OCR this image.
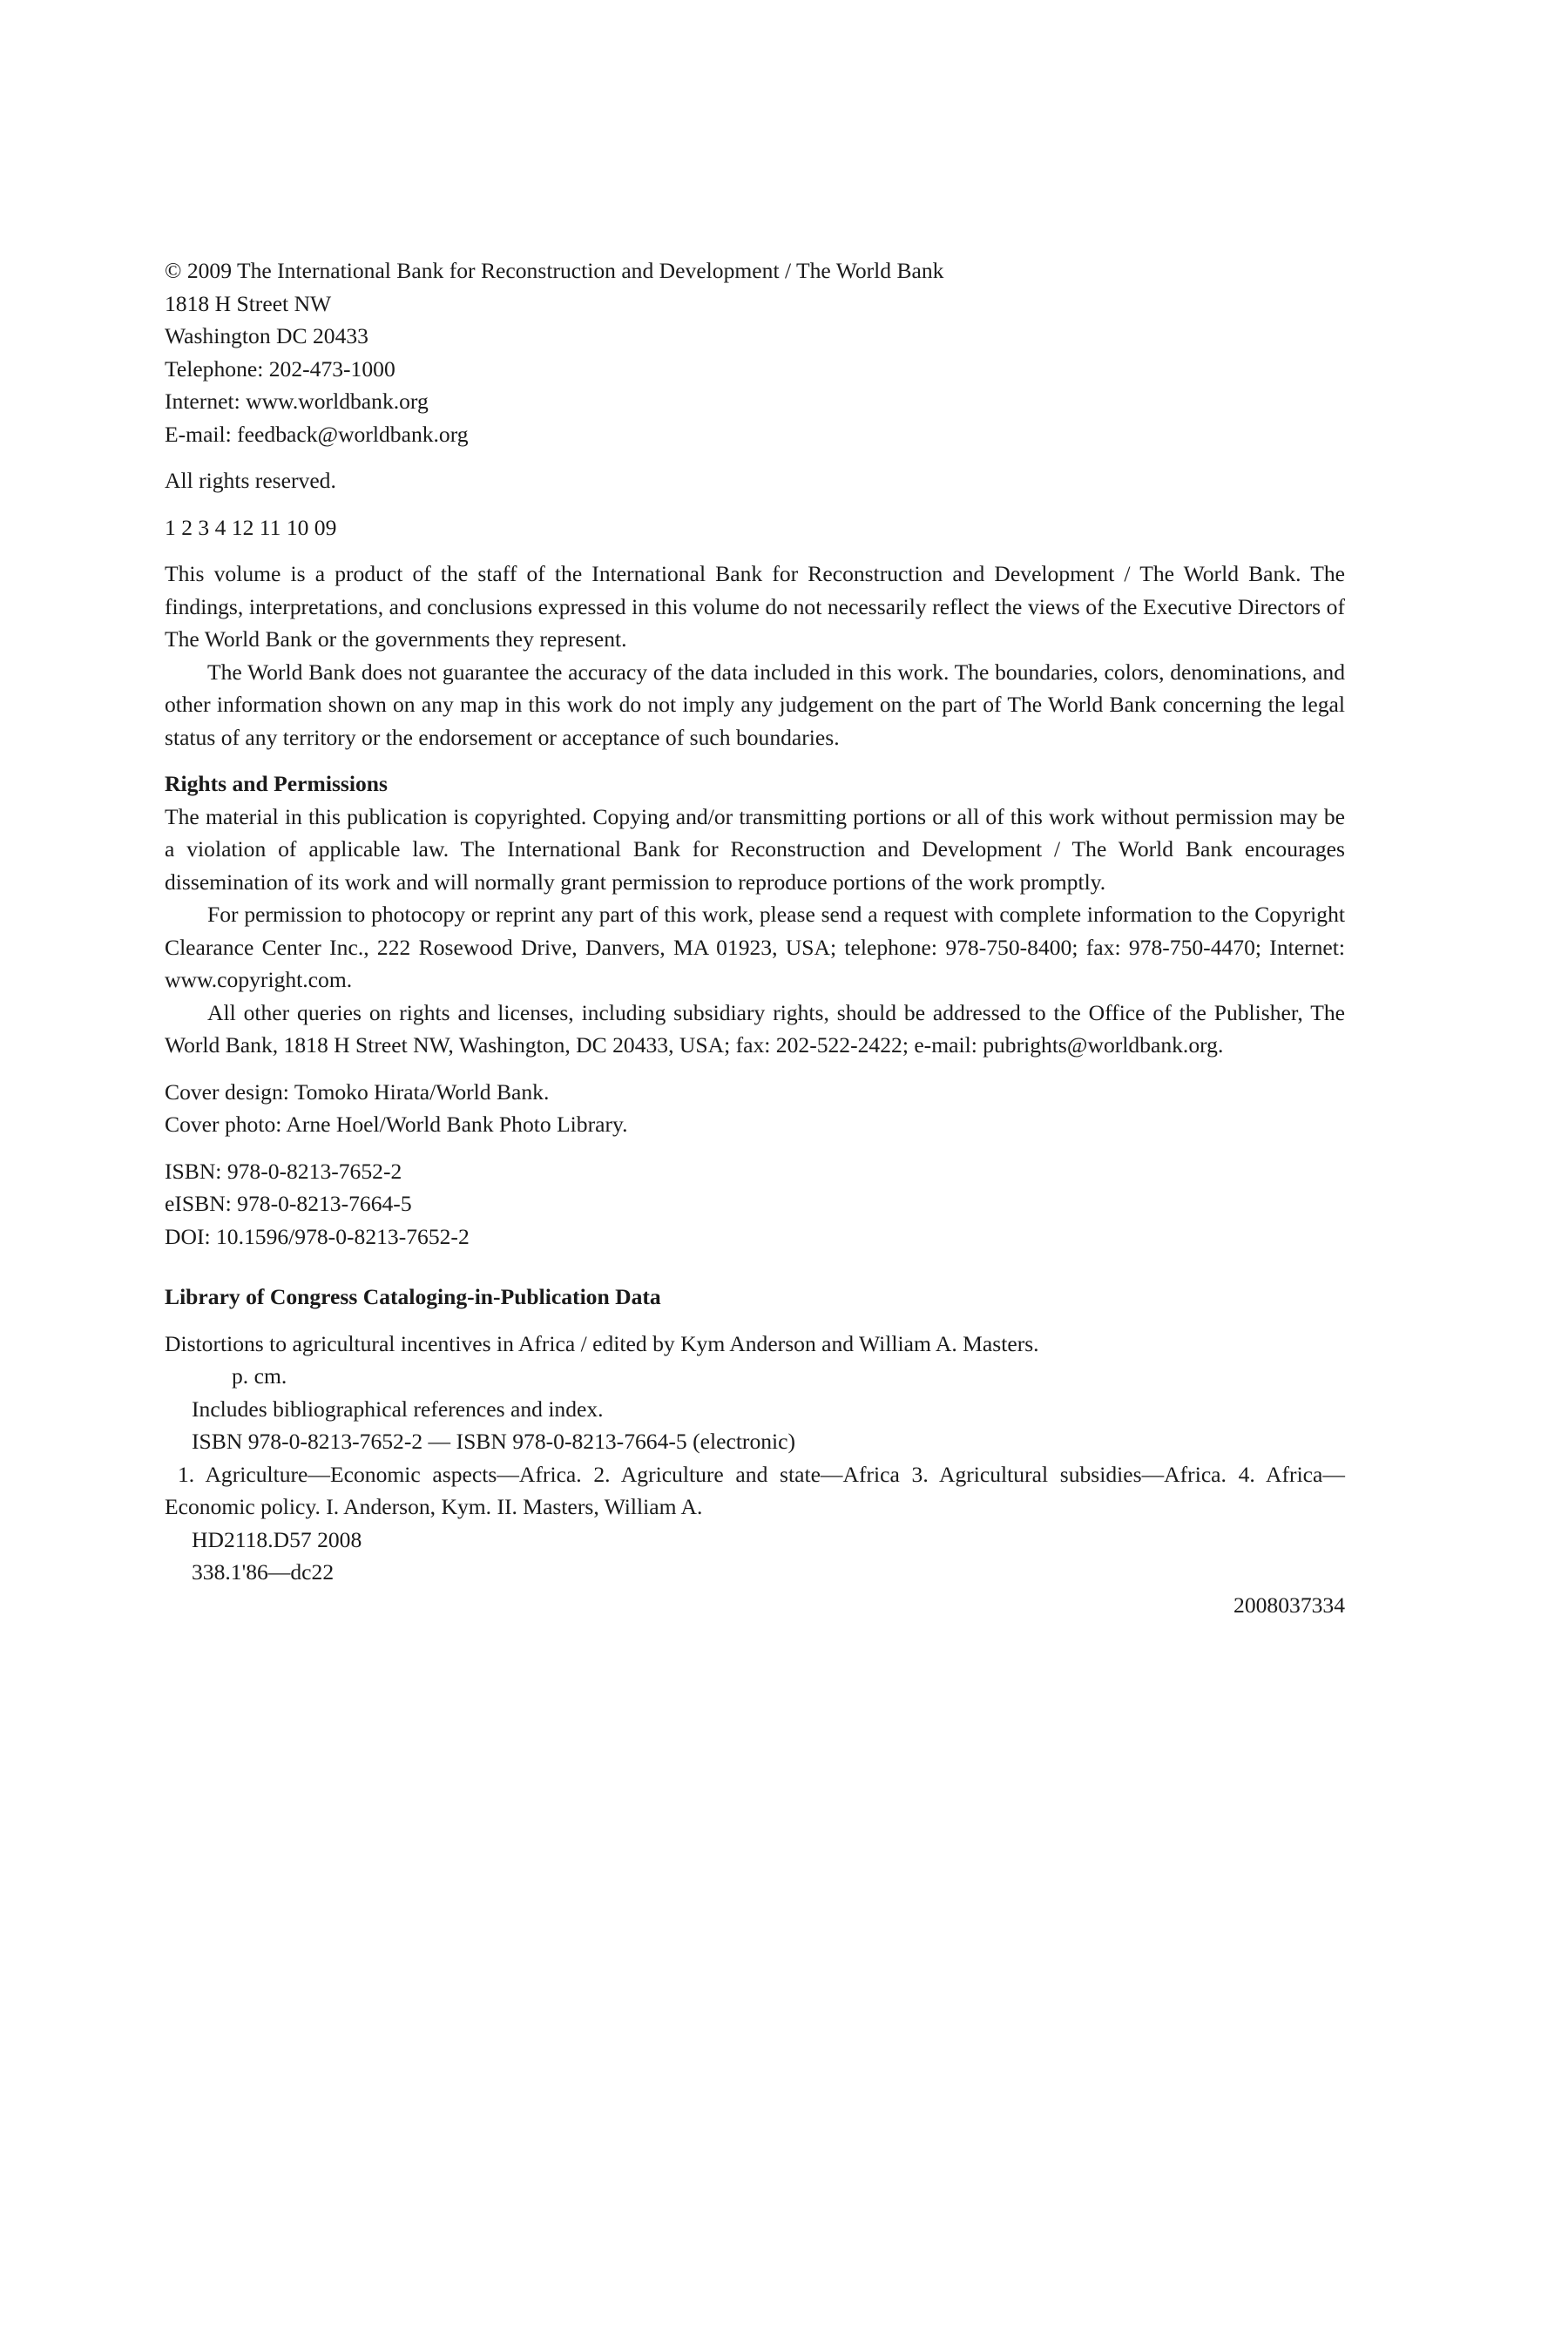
© 2009 The International Bank for Reconstruction and Development / The World Bank
1818 H Street NW
Washington DC 20433
Telephone: 202-473-1000
Internet: www.worldbank.org
E-mail: feedback@worldbank.org
All rights reserved.
1 2 3 4 12 11 10 09

This volume is a product of the staff of the International Bank for Reconstruction and Development / The World Bank. The findings, interpretations, and conclusions expressed in this volume do not necessarily reflect the views of the Executive Directors of The World Bank or the governments they represent.

The World Bank does not guarantee the accuracy of the data included in this work. The boundaries, colors, denominations, and other information shown on any map in this work do not imply any judgement on the part of The World Bank concerning the legal status of any territory or the endorsement or acceptance of such boundaries.

Rights and Permissions

The material in this publication is copyrighted. Copying and/or transmitting portions or all of this work without permission may be a violation of applicable law. The International Bank for Reconstruction and Development / The World Bank encourages dissemination of its work and will normally grant permission to reproduce portions of the work promptly.

For permission to photocopy or reprint any part of this work, please send a request with complete information to the Copyright Clearance Center Inc., 222 Rosewood Drive, Danvers, MA 01923, USA; telephone: 978-750-8400; fax: 978-750-4470; Internet: www.copyright.com.

All other queries on rights and licenses, including subsidiary rights, should be addressed to the Office of the Publisher, The World Bank, 1818 H Street NW, Washington, DC 20433, USA; fax: 202-522-2422; e-mail: pubrights@worldbank.org.

Cover design: Tomoko Hirata/World Bank.
Cover photo: Arne Hoel/World Bank Photo Library.
ISBN: 978-0-8213-7652-2
eISBN: 978-0-8213-7664-5
DOI: 10.1596/978-0-8213-7652-2

Library of Congress Cataloging-in-Publication Data

Distortions to agricultural incentives in Africa / edited by Kym Anderson and William A. Masters.
p. cm.
Includes bibliographical references and index.
ISBN 978-0-8213-7652-2 — ISBN 978-0-8213-7664-5 (electronic)

1. Agriculture—Economic aspects—Africa. 2. Agriculture and state—Africa 3. Agricultural subsidies—Africa. 4. Africa—Economic policy. I. Anderson, Kym. II. Masters, William A.

HD2118.D57 2008
338.1'86—dc22
2008037334
